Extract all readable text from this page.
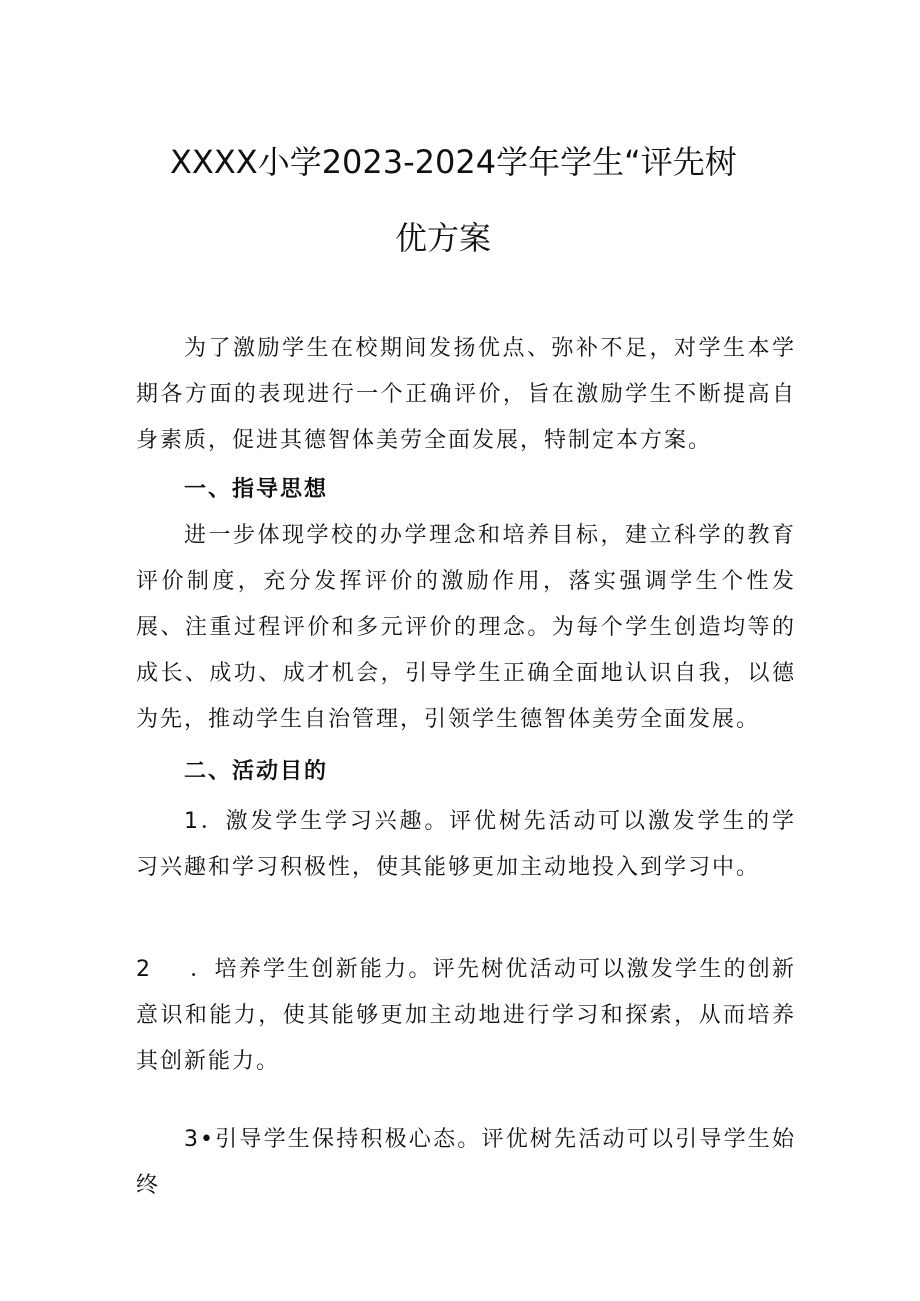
XXXX小学2023-2024学年学生“评先树
优方案

为了激励学生在校期间发扬优点、弥补不足，对学生本学期各方面的表现进行一个正确评价，旨在激励学生不断提高自身素质，促进其德智体美劳全面发展，特制定本方案。

一、指导思想

进一步体现学校的办学理念和培养目标，建立科学的教育评价制度，充分发挥评价的激励作用，落实强调学生个性发展、注重过程评价和多元评价的理念。为每个学生创造均等的成长、成功、成才机会，引导学生正确全面地认识自我，以德为先，推动学生自治管理，引领学生德智体美劳全面发展。

二、活动目的

1．激发学生学习兴趣。评优树先活动可以激发学生的学习兴趣和学习积极性，使其能够更加主动地投入到学习中。

2 ．培养学生创新能力。评先树优活动可以激发学生的创新意识和能力，使其能够更加主动地进行学习和探索，从而培养其创新能力。

3•引导学生保持积极心态。评优树先活动可以引导学生始终
